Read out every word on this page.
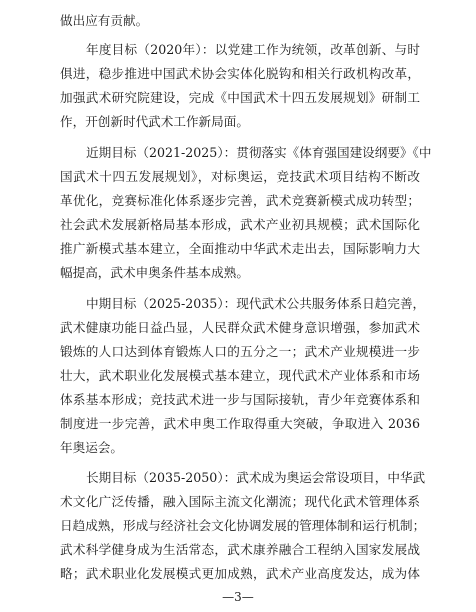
做出应有贡献。
年度目标（2020年）：以党建工作为统领，改革创新、与时
俱进，稳步推进中国武术协会实体化脱钩和相关行政机构改革，
加强武术研究院建设，完成《中国武术十四五发展规划》研制工
作，开创新时代武术工作新局面。
近期目标（2021-2025）：贯彻落实《体育强国建设纲要》《中
国武术十四五发展规划》，对标奥运，竞技武术项目结构不断改
革优化，竞赛标准化体系逐步完善，武术竞赛新模式成功转型；
社会武术发展新格局基本形成，武术产业初具规模；武术国际化
推广新模式基本建立，全面推动中华武术走出去，国际影响力大
幅提高，武术申奥条件基本成熟。
中期目标（2025-2035）：现代武术公共服务体系日趋完善，
武术健康功能日益凸显，人民群众武术健身意识增强，参加武术
锻炼的人口达到体育锻炼人口的五分之一；武术产业规模进一步
壮大，武术职业化发展模式基本建立，现代武术产业体系和市场
体系基本形成；竞技武术进一步与国际接轨，青少年竞赛体系和
制度进一步完善，武术申奥工作取得重大突破，争取进入 2036
年奥运会。
长期目标（2035-2050）：武术成为奥运会常设项目，中华武
术文化广泛传播，融入国际主流文化潮流；现代化武术管理体系
日趋成熟，形成与经济社会文化协调发展的管理体制和运行机制；
武术科学健身成为生活常态，武术康养融合工程纳入国家发展战
略；武术职业化发展模式更加成熟，武术产业高度发达，成为体
—3—
